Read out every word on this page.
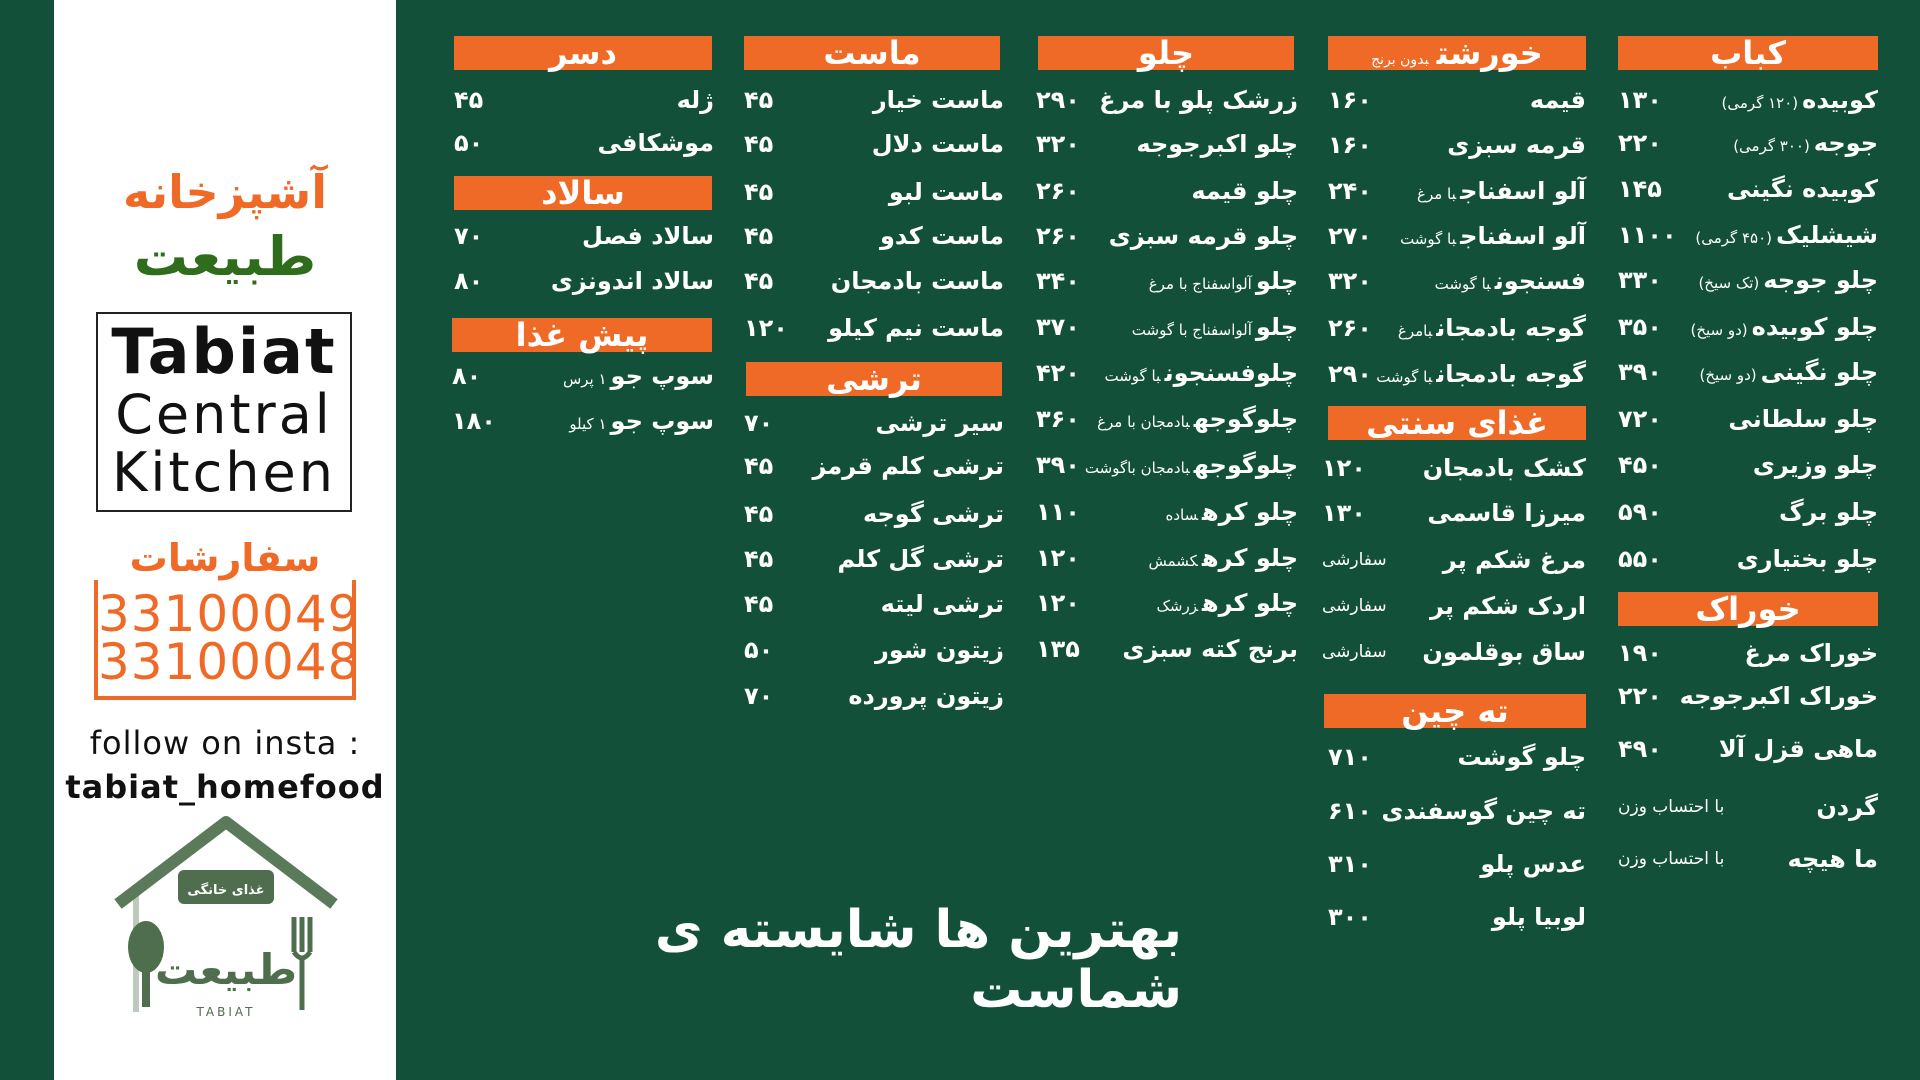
آشپزخانه
طبیعت
Tabiat
Central
Kitchen
33100049
33100048
سفارشات
follow on insta :
tabiat_homefood
غذای خانگی
طبیعت
TABIAT
کباب
خوراک
خورشتبدون برنج
غذای سنتی
ته چین
چلو
ماست
ترشی
دسر
سالاد
پیش غذا
کوبیده(۱۲۰ گرمی)
۱۳۰
جوجه(۳۰۰ گرمی)
۲۲۰
کوبیده نگینی
۱۴۵
شیشلیک(۴۵۰ گرمی)
۱۱۰۰
چلو جوجه(تک سیخ)
۳۳۰
چلو کوبیده(دو سیخ)
۳۵۰
چلو نگینی(دو سیخ)
۳۹۰
چلو سلطانی
۷۲۰
چلو وزیری
۴۵۰
چلو برگ
۵۹۰
چلو بختیاری
۵۵۰
خوراک مرغ
۱۹۰
خوراک اکبرجوجه
۲۲۰
ماهی قزل آلا
۴۹۰
گردن
با احتساب وزن
ما هیچه
با احتساب وزن
قیمه
۱۶۰
قرمه سبزی
۱۶۰
آلو اسفناجبا مرغ
۲۴۰
آلو اسفناجبا گوشت
۲۷۰
فسنجونبا گوشت
۳۲۰
گوجه بادمجانبامرغ
۲۶۰
گوجه بادمجانبا گوشت
۲۹۰
کشک بادمجان
۱۲۰
میرزا قاسمی
۱۳۰
مرغ شکم پر
سفارشی
اردک شکم پر
سفارشی
ساق بوقلمون
سفارشی
چلو گوشت
۷۱۰
ته چین گوسفندی
۶۱۰
عدس پلو
۳۱۰
لوبیا پلو
۳۰۰
زرشک پلو با مرغ
۲۹۰
چلو اکبرجوجه
۳۲۰
چلو قیمه
۲۶۰
چلو قرمه سبزی
۲۶۰
چلوآلواسفناج با مرغ
۳۴۰
چلوآلواسفناج با گوشت
۳۷۰
چلوفسنجونبا گوشت
۴۲۰
چلوگوجهبادمجان با مرغ
۳۶۰
چلوگوجهبادمجان باگوشت
۳۹۰
چلو کرهساده
۱۱۰
چلو کرهکشمش
۱۲۰
چلو کرهزرشک
۱۲۰
برنج کته سبزی
۱۳۵
ماست خیار
۴۵
ماست دلال
۴۵
ماست لبو
۴۵
ماست کدو
۴۵
ماست بادمجان
۴۵
ماست نیم کیلو
۱۲۰
سیر ترشی
۷۰
ترشی کلم قرمز
۴۵
ترشی گوجه
۴۵
ترشی گل کلم
۴۵
ترشی لیته
۴۵
زیتون شور
۵۰
زیتون پرورده
۷۰
ژله
۴۵
موشکافی
۵۰
سالاد فصل
۷۰
سالاد اندونزی
۸۰
سوپ جو۱ پرس
۸۰
سوپ جو۱ کیلو
۱۸۰
بهترین ها شایسته ی شماست
